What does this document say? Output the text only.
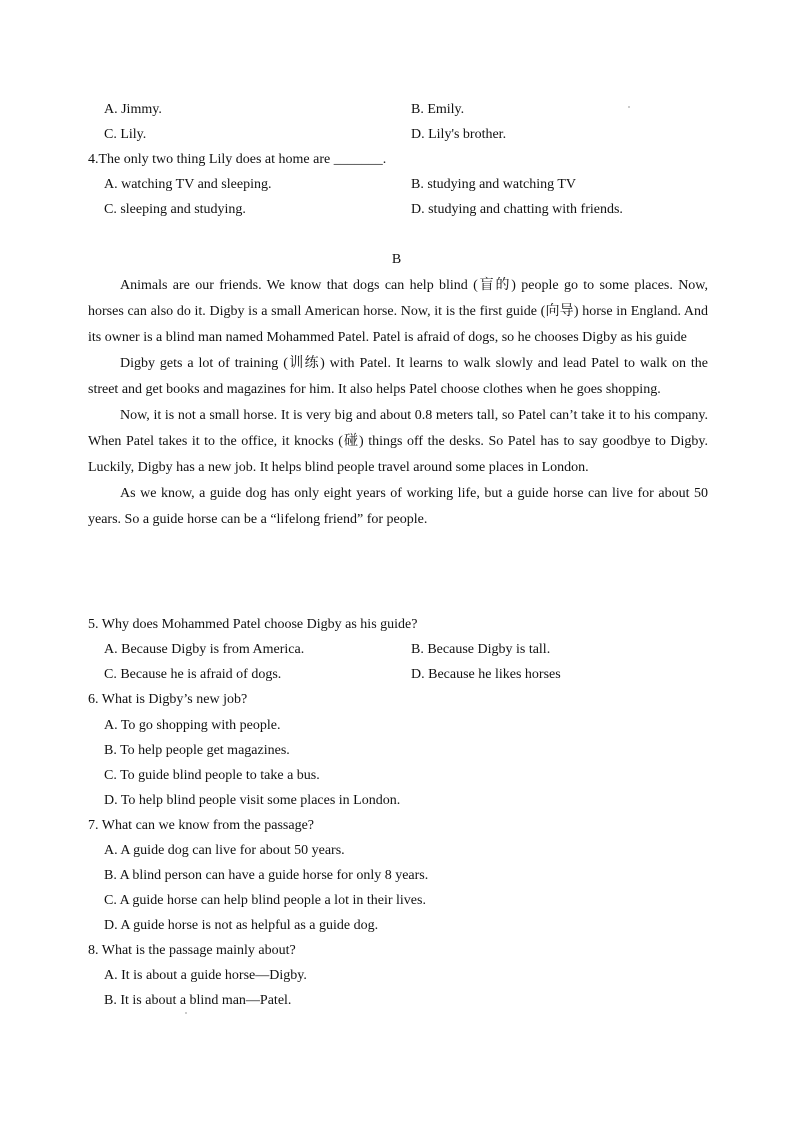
A. Jimmy.	B. Emily.
C. Lily.	D. Lily's brother.
4.The only two thing Lily does at home are _______.
A. watching TV and sleeping.	B. studying and watching TV
C. sleeping and studying.	D. studying and chatting with friends.
B

Animals are our friends. We know that dogs can help blind (盲的) people go to some places. Now, horses can also do it. Digby is a small American horse. Now, it is the first guide (向导) horse in England. And its owner is a blind man named Mohammed Patel. Patel is afraid of dogs, so he chooses Digby as his guide

Digby gets a lot of training (训练) with Patel. It learns to walk slowly and lead Patel to walk on the street and get books and magazines for him. It also helps Patel choose clothes when he goes shopping.

Now, it is not a small horse. It is very big and about 0.8 meters tall, so Patel can’t take it to his company. When Patel takes it to the office, it knocks (碰) things off the desks. So Patel has to say goodbye to Digby. Luckily, Digby has a new job. It helps blind people travel around some places in London.

As we know, a guide dog has only eight years of working life, but a guide horse can live for about 50 years. So a guide horse can be a “lifelong friend” for people.

5. Why does Mohammed Patel choose Digby as his guide?
A. Because Digby is from America.	B. Because Digby is tall.
C. Because he is afraid of dogs.	D. Because he likes horses
6. What is Digby’s new job?
A. To go shopping with people.
B. To help people get magazines.
C. To guide blind people to take a bus.
D. To help blind people visit some places in London.
7. What can we know from the passage?
A. A guide dog can live for about 50 years.
B. A blind person can have a guide horse for only 8 years.
C. A guide horse can help blind people a lot in their lives.
D. A guide horse is not as helpful as a guide dog.
8. What is the passage mainly about?
A. It is about a guide horse—Digby.
B. It is about a blind man—Patel.
